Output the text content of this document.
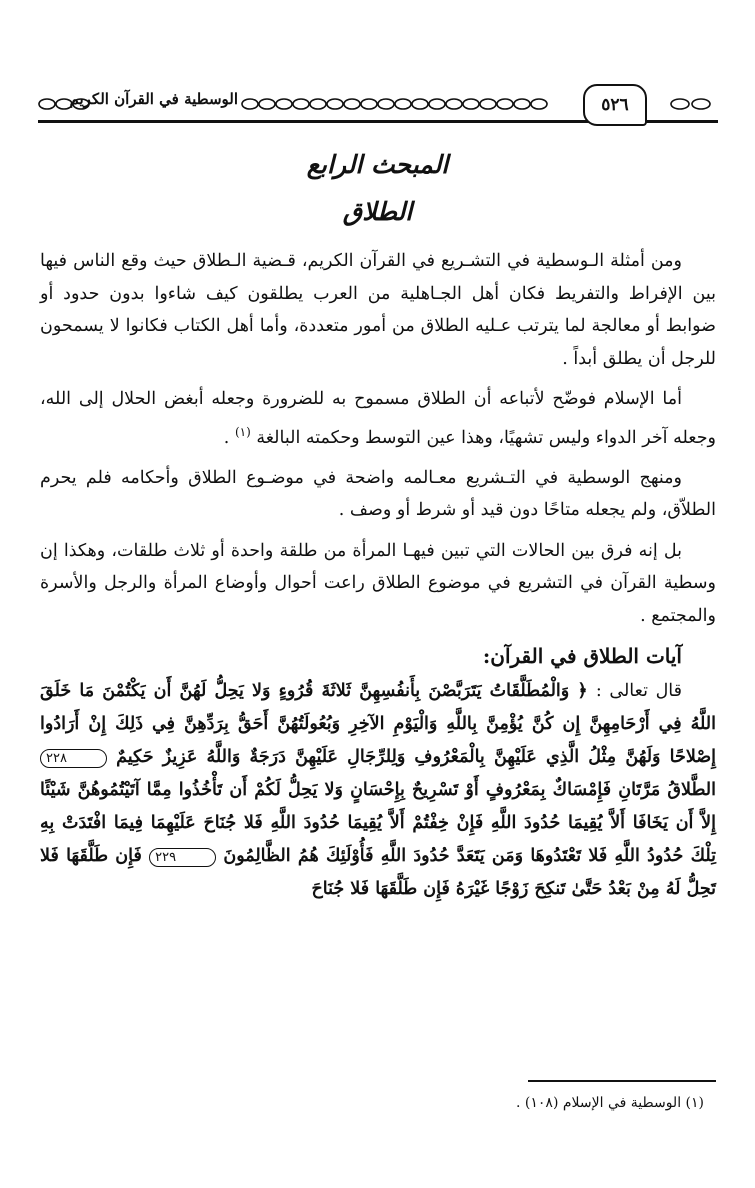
الوسطية في القرآن الكريم	٥٢٦
المبحث الرابع
الطلاق

ومن أمثلة الـوسطية في التشـريع في القرآن الكريم، قـضية الـطلاق حيث وقع الناس فيها بين الإفراط والتفريط فكان أهل الجـاهلية من العرب يطلقون كيف شاءوا بدون حدود أو ضوابط أو معالجة لما يترتب عـليه الطلاق من أمور متعددة، وأما أهل الكتاب فكانوا لا يسمحون للرجل أن يطلق أبداً .

أما الإسلام فوضّح لأتباعه أن الطلاق مسموح به للضرورة وجعله أبغض الحلال إلى الله، وجعله آخر الدواء وليس تشهيًا، وهذا عين التوسط وحكمته البالغة $^{(١)}$ .

ومنهج الوسطية في التـشريع معـالمه واضحة في موضـوع الطلاق وأحكامه فلم يحرم الطلاّق، ولم يجعله متاحًا دون قيد أو شرط أو وصف .

بل إنه فرق بين الحالات التي تبين فيهـا المرأة من طلقة واحدة أو ثلاث طلقات، وهكذا إن وسطية القرآن في التشريع في موضوع الطلاق راعت أحوال وأوضاع المرأة والرجل والأسرة والمجتمع .

آيات الطلاق في القرآن:

قال تعالى : ﴿ وَالْمُطَلَّقَاتُ يَتَرَبَّصْنَ بِأَنفُسِهِنَّ ثَلاثَةَ قُرُوءٍ وَلا يَحِلُّ لَهُنَّ أَن يَكْتُمْنَ مَا خَلَقَ اللَّهُ فِي أَرْحَامِهِنَّ إِن كُنَّ يُؤْمِنَّ بِاللَّهِ وَالْيَوْمِ الآخِرِ وَبُعُولَتُهُنَّ أَحَقُّ بِرَدِّهِنَّ فِي ذَلِكَ إِنْ أَرَادُوا إِصْلاحًا وَلَهُنَّ مِثْلُ الَّذِي عَلَيْهِنَّ بِالْمَعْرُوفِ وَلِلرِّجَالِ عَلَيْهِنَّ دَرَجَةٌ وَاللَّهُ عَزِيزٌ حَكِيمٌ ٢٢٨ الطَّلاقُ مَرَّتَانِ فَإِمْسَاكٌ بِمَعْرُوفٍ أَوْ تَسْرِيحٌ بِإِحْسَانٍ وَلا يَحِلُّ لَكُمْ أَن تَأْخُذُوا مِمَّا آتَيْتُمُوهُنَّ شَيْئًا إِلاَّ أَن يَخَافَا أَلاَّ يُقِيمَا حُدُودَ اللَّهِ فَإِنْ خِفْتُمْ أَلاَّ يُقِيمَا حُدُودَ اللَّهِ فَلا جُنَاحَ عَلَيْهِمَا فِيمَا افْتَدَتْ بِهِ تِلْكَ حُدُودُ اللَّهِ فَلا تَعْتَدُوهَا وَمَن يَتَعَدَّ حُدُودَ اللَّهِ فَأُوْلَئِكَ هُمُ الظَّالِمُونَ ٢٢٩ فَإِن طَلَّقَهَا فَلا تَحِلُّ لَهُ مِنْ بَعْدُ حَتَّىٰ تَنكِحَ زَوْجًا غَيْرَهُ فَإِن طَلَّقَهَا فَلا جُنَاحَ

(١) الوسطية في الإسلام (١٠٨) .
